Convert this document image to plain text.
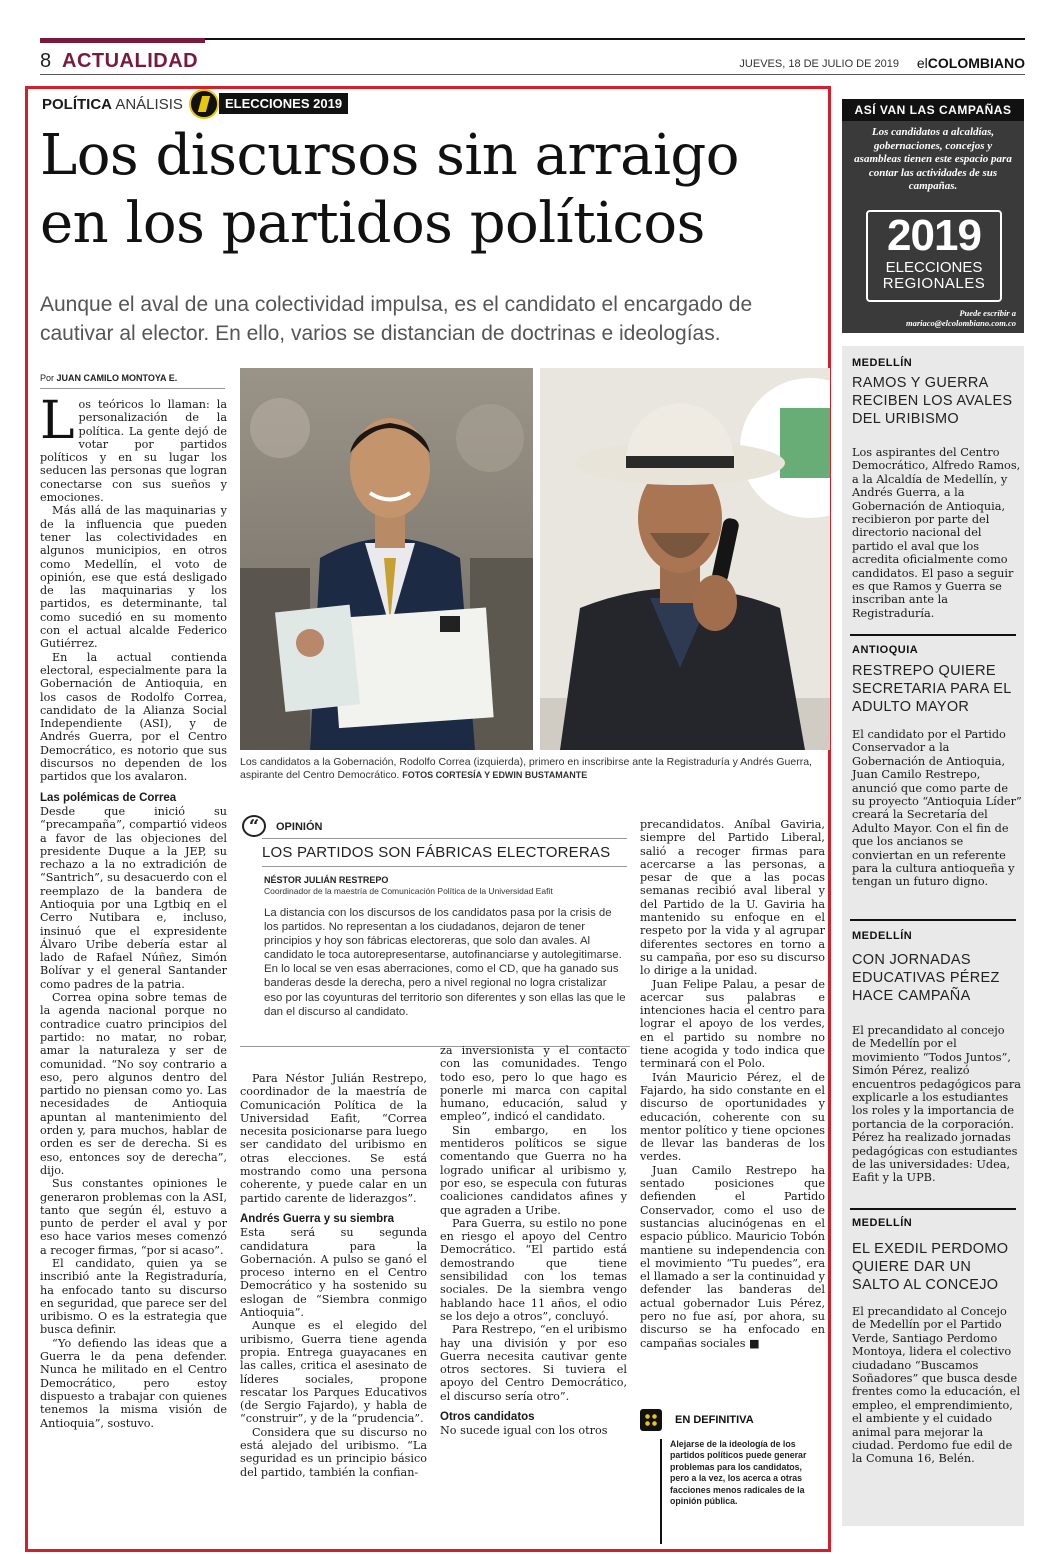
8 ACTUALIDAD	JUEVES, 18 DE JULIO DE 2019 elCOLOMBIANO
POLÍTICA ANÁLISIS	ELECCIONES 2019
Los discursos sin arraigo
en los partidos políticos
Aunque el aval de una colectividad impulsa, es el candidato el encargado de cautivar al elector. En ello, varios se distancian de doctrinas e ideologías.
Por JUAN CAMILO MONTOYA E.
L os teóricos lo llaman: la personalización de la política. La gente dejó de votar por partidos políticos y en su lugar los seducen las personas que logran conectarse con sus sueños y emociones.

Más allá de las maquinarias y de la influencia que pueden tener las colectividades en algunos municipios, en otros como Medellín, el voto de opinión, ese que está desligado de las maquinarias y los partidos, es determinante, tal como sucedió en su momento con el actual alcalde Federico Gutiérrez.

En la actual contienda electoral, especialmente para la Gobernación de Antioquia, en los casos de Rodolfo Correa, candidato de la Alianza Social Independiente (ASI), y de Andrés Guerra, por el Centro Democrático, es notorio que sus discursos no dependen de los partidos que los avalaron.

Las polémicas de Correa

Desde que inició su “precampaña”, compartió videos a favor de las objeciones del presidente Duque a la JEP, su rechazo a la no extradición de “Santrich”, su desacuerdo con el reemplazo de la bandera de Antioquia por una Lgtbiq en el Cerro Nutibara e, incluso, insinuó que el expresidente Álvaro Uribe debería estar al lado de Rafael Núñez, Simón Bolívar y el general Santander como padres de la patria.

Correa opina sobre temas de la agenda nacional porque no contradice cuatro principios del partido: no matar, no robar, amar la naturaleza y ser de comunidad. “No soy contrario a eso, pero algunos dentro del partido no piensan como yo. Las necesidades de Antioquia apuntan al mantenimiento del orden y, para muchos, hablar de orden es ser de derecha. Si es eso, entonces soy de derecha”, dijo.

Sus constantes opiniones le generaron problemas con la ASI, tanto que según él, estuvo a punto de perder el aval y por eso hace varios meses comenzó a recoger firmas, “por si acaso”.

El candidato, quien ya se inscribió ante la Registraduría, ha enfocado tanto su discurso en seguridad, que parece ser del uribismo. O es la estrategia que busca definir.

“Yo defiendo las ideas que a Guerra le da pena defender. Nunca he militado en el Centro Democrático, pero estoy dispuesto a trabajar con quienes tenemos la misma visión de Antioquia”, sostuvo.

Los candidatos a la Gobernación, Rodolfo Correa (izquierda), primero en inscribirse ante la Registraduría y Andrés Guerra, aspirante del Centro Democrático. FOTOS CORTESÍA Y EDWIN BUSTAMANTE
“	OPINIÓN
LOS PARTIDOS SON FÁBRICAS ELECTORERAS
NÉSTOR JULIÁN RESTREPO
Coordinador de la maestría de Comunicación Política de la Universidad Eafit
La distancia con los discursos de los candidatos pasa por la crisis de los partidos. No representan a los ciudadanos, dejaron de tener principios y hoy son fábricas electoreras, que solo dan avales. Al candidato le toca autorepresentarse, autofinanciarse y autolegitimarse. En lo local se ven esas aberraciones, como el CD, que ha ganado sus banderas desde la derecha, pero a nivel regional no logra cristalizar eso por las coyunturas del territorio son diferentes y son ellas las que le dan el discurso al candidato.

Para Néstor Julián Restrepo, coordinador de la maestría de Comunicación Política de la Universidad Eafit, “Correa necesita posicionarse para luego ser candidato del uribismo en otras elecciones. Se está mostrando como una persona coherente, y puede calar en un partido carente de liderazgos”.

Andrés Guerra y su siembra

Esta será su segunda candidatura para la Gobernación. A pulso se ganó el proceso interno en el Centro Democrático y ha sostenido su eslogan de “Siembra conmigo Antioquia”.

Aunque es el elegido del uribismo, Guerra tiene agenda propia. Entrega guayacanes en las calles, critica el asesinato de líderes sociales, propone rescatar los Parques Educativos (de Sergio Fajardo), y habla de “construir”, y de la “prudencia”.

Considera que su discurso no está alejado del uribismo. “La seguridad es un principio básico del partido, también la confian-

za inversionista y el contacto con las comunidades. Tengo todo eso, pero lo que hago es ponerle mi marca con capital humano, educación, salud y empleo”, indicó el candidato.

Sin embargo, en los mentideros políticos se sigue comentando que Guerra no ha logrado unificar al uribismo y, por eso, se especula con futuras coaliciones candidatos afines y que agraden a Uribe.

Para Guerra, su estilo no pone en riesgo el apoyo del Centro Democrático. “El partido está demostrando que tiene sensibilidad con los temas sociales. De la siembra vengo hablando hace 11 años, el odio se los dejo a otros”, concluyó.

Para Restrepo, “en el uribismo hay una división y por eso Guerra necesita cautivar gente otros sectores. Si tuviera el apoyo del Centro Democrático, el discurso sería otro”.

Otros candidatos

No sucede igual con los otros

precandidatos. Aníbal Gaviria, siempre del Partido Liberal, salió a recoger firmas para acercarse a las personas, a pesar de que a las pocas semanas recibió aval liberal y del Partido de la U. Gaviria ha mantenido su enfoque en el respeto por la vida y al agrupar diferentes sectores en torno a su campaña, por eso su discurso lo dirige a la unidad.

Juan Felipe Palau, a pesar de acercar sus palabras e intenciones hacia el centro para lograr el apoyo de los verdes, en el partido su nombre no tiene acogida y todo indica que terminará con el Polo.

Iván Mauricio Pérez, el de Fajardo, ha sido constante en el discurso de oportunidades y educación, coherente con su mentor político y tiene opciones de llevar las banderas de los verdes.

Juan Camilo Restrepo ha sentado posiciones que defienden el Partido Conservador, como el uso de sustancias alucinógenas en el espacio público. Mauricio Tobón mantiene su independencia con el movimiento “Tu puedes”, era el llamado a ser la continuidad y defender las banderas del actual gobernador Luis Pérez, pero no fue así, por ahora, su discurso se ha enfocado en campañas sociales ■

EN DEFINITIVA
Alejarse de la ideología de los partidos políticos puede generar problemas para los candidatos, pero a la vez, los acerca a otras facciones menos radicales de la opinión pública.
ASÍ VAN LAS CAMPAÑAS
Los candidatos a alcaldías, gobernaciones, concejos y asambleas tienen este espacio para contar las actividades de sus campañas.
2019
ELECCIONES
REGIONALES
Puede escribir a mariaco@elcolombiano.com.co
MEDELLÍN
RAMOS Y GUERRA RECIBEN LOS AVALES DEL URIBISMO
Los aspirantes del Centro Democrático, Alfredo Ramos, a la Alcaldía de Medellín, y Andrés Guerra, a la Gobernación de Antioquia, recibieron por parte del directorio nacional del partido el aval que los acredita oficialmente como candidatos. El paso a seguir es que Ramos y Guerra se inscriban ante la Registraduría.
ANTIOQUIA
RESTREPO QUIERE SECRETARIA PARA EL ADULTO MAYOR
El candidato por el Partido Conservador a la Gobernación de Antioquia, Juan Camilo Restrepo, anunció que como parte de su proyecto “Antioquia Líder” creará la Secretaría del Adulto Mayor. Con el fin de que los ancianos se conviertan en un referente para la cultura antioqueña y tengan un futuro digno.
MEDELLÍN
CON JORNADAS EDUCATIVAS PÉREZ HACE CAMPAÑA
El precandidato al concejo de Medellín por el movimiento “Todos Juntos”, Simón Pérez, realizó encuentros pedagógicos para explicarle a los estudiantes los roles y la importancia de portancia de la corporación. Pérez ha realizado jornadas pedagógicas con estudiantes de las universidades: Udea, Eafit y la UPB.
MEDELLÍN
EL EXEDIL PERDOMO QUIERE DAR UN SALTO AL CONCEJO
El precandidato al Concejo de Medellín por el Partido Verde, Santiago Perdomo Montoya, lidera el colectivo ciudadano “Buscamos Soñadores” que busca desde frentes como la educación, el empleo, el emprendimiento, el ambiente y el cuidado animal para mejorar la ciudad. Perdomo fue edil de la Comuna 16, Belén.
